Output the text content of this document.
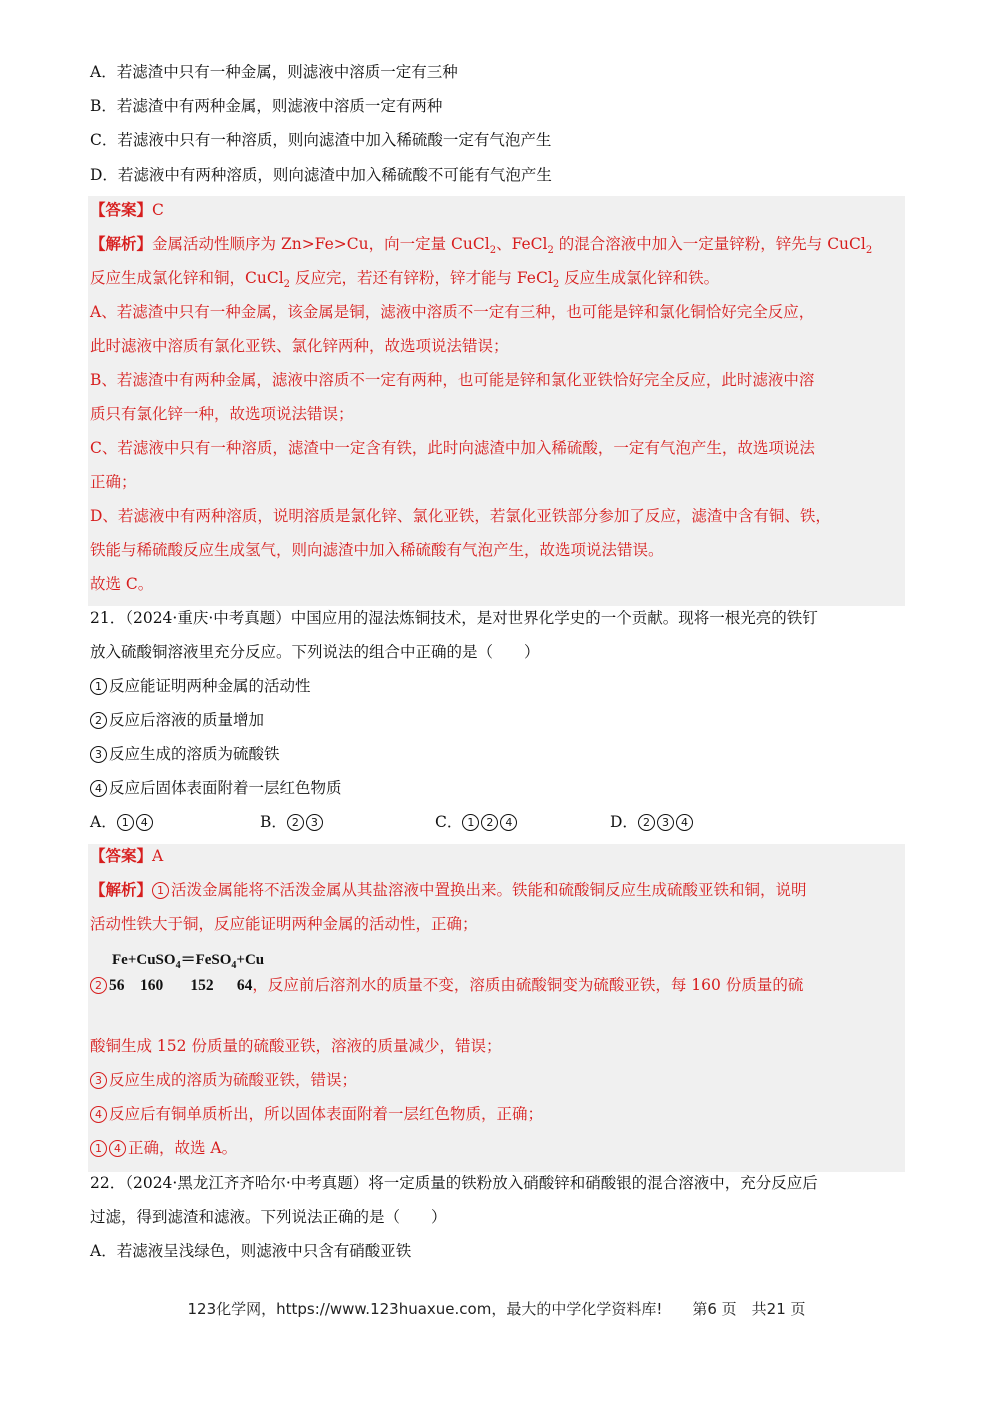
A．若滤渣中只有一种金属，则滤液中溶质一定有三种
B．若滤渣中有两种金属，则滤液中溶质一定有两种
C．若滤液中只有一种溶质，则向滤渣中加入稀硫酸一定有气泡产生
D．若滤液中有两种溶质，则向滤渣中加入稀硫酸不可能有气泡产生
【答案】C
【解析】金属活动性顺序为 Zn>Fe>Cu，向一定量 CuCl$_2$、FeCl$_2$ 的混合溶液中加入一定量锌粉，锌先与 CuCl$_2$
反应生成氯化锌和铜，CuCl$_2$ 反应完，若还有锌粉，锌才能与 FeCl$_2$ 反应生成氯化锌和铁。
A、若滤渣中只有一种金属，该金属是铜，滤液中溶质不一定有三种，也可能是锌和氯化铜恰好完全反应，
此时滤液中溶质有氯化亚铁、氯化锌两种，故选项说法错误；
B、若滤渣中有两种金属，滤液中溶质不一定有两种，也可能是锌和氯化亚铁恰好完全反应，此时滤液中溶
质只有氯化锌一种，故选项说法错误；
C、若滤液中只有一种溶质，滤渣中一定含有铁，此时向滤渣中加入稀硫酸，一定有气泡产生，故选项说法
正确；
D、若滤液中有两种溶质，说明溶质是氯化锌、氯化亚铁，若氯化亚铁部分参加了反应，滤渣中含有铜、铁，
铁能与稀硫酸反应生成氢气，则向滤渣中加入稀硫酸有气泡产生，故选项说法错误。
故选 C。
21．（2024·重庆·中考真题）中国应用的湿法炼铜技术，是对世界化学史的一个贡献。现将一根光亮的铁钉
放入硫酸铜溶液里充分反应。下列说法的组合中正确的是（　　）
1 反应能证明两种金属的活动性
2 反应后溶液的质量增加
3 反应生成的溶质为硫酸铁
4 反应后固体表面附着一层红色物质
A． 1 4	B． 2 3	C． 1 2 4	D． 2 3 4
【答案】A
【解析】 1 活泼金属能将不活泼金属从其盐溶液中置换出来。铁能和硫酸铜反应生成硫酸亚铁和铜，说明
活动性铁大于铜，反应能证明两种金属的活动性，正确；
Fe+CuSO$_4$＝FeSO$_4$+Cu
2 56    160       152      64，反应前后溶剂水的质量不变，溶质由硫酸铜变为硫酸亚铁，每 160 份质量的硫
酸铜生成 152 份质量的硫酸亚铁，溶液的质量减少，错误；
3 反应生成的溶质为硫酸亚铁，错误；
4 反应后有铜单质析出，所以固体表面附着一层红色物质，正确；
1 4 正确，故选 A。
22．（2024·黑龙江齐齐哈尔·中考真题）将一定质量的铁粉放入硝酸锌和硝酸银的混合溶液中，充分反应后
过滤，得到滤渣和滤液。下列说法正确的是（　　）
A．若滤液呈浅绿色，则滤液中只含有硝酸亚铁
123化学网，https://www.123huaxue.com，最大的中学化学资料库!　　第6 页　共21 页
